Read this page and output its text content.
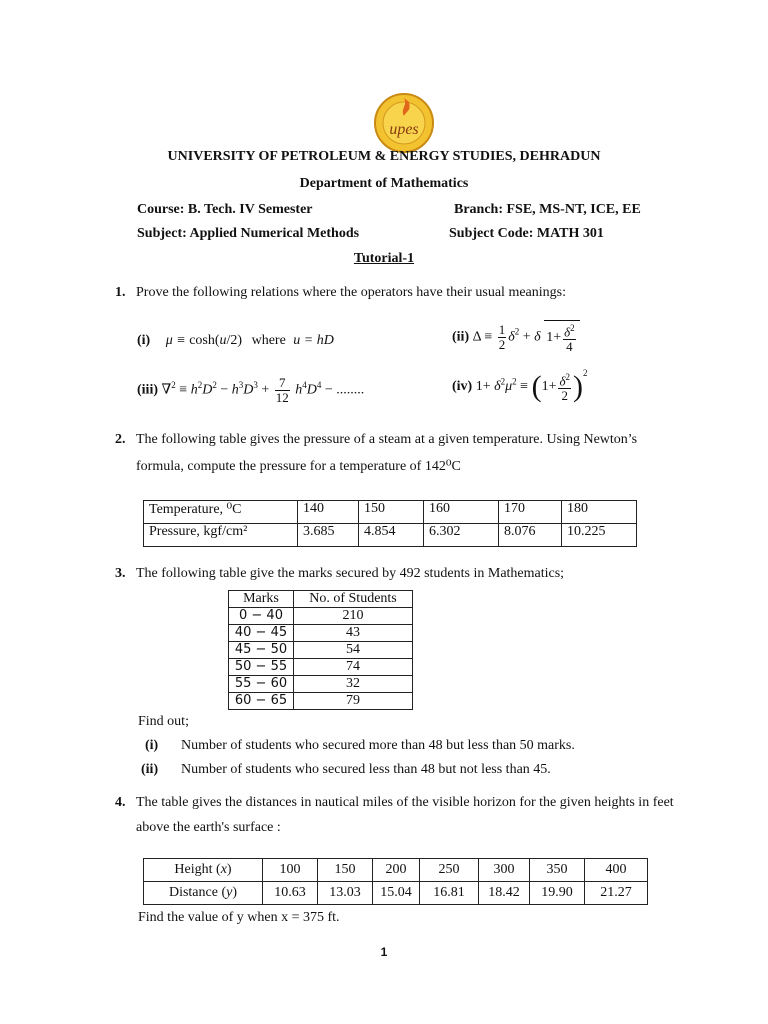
upes
UNIVERSITY OF PETROLEUM & ENERGY STUDIES, DEHRADUN
Department of Mathematics
Course: B. Tech. IV Semester	Branch: FSE, MS-NT, ICE, EE
Subject: Applied Numerical Methods	Subject Code: MATH 301
Tutorial-1
1. Prove the following relations where the operators have their usual meanings:
(i) μ ≡ cosh(u/2) where u = hD	(ii) $\Delta \equiv \frac{1}{2} \delta^2 + \delta$ $1+ \frac{\delta^2}{4}$
(iii) $\nabla^2 \equiv h^2D^2 - h^3D^3 + \frac{7}{12} h^4D^4$ − ........	(iv) $1+ \delta^2\mu^2 \equiv (1+ \frac{\delta^2}{2} )^2$
2. The following table gives the pressure of a steam at a given temperature. Using Newton’s
formula, compute the pressure for a temperature of 142⁰C
Temperature, ⁰C	140	150	160	170	180
Pressure, kgf/cm²	3.685	4.854	6.302	8.076	10.225
3. The following table give the marks secured by 492 students in Mathematics;
Marks	No. of Students
0 − 40	210
40 − 45	43
45 − 50	54
50 − 55	74
55 − 60	32
60 − 65	79
Find out;
(i) Number of students who secured more than 48 but less than 50 marks.
(ii) Number of students who secured less than 48 but not less than 45.
4. The table gives the distances in nautical miles of the visible horizon for the given heights in feet
above the earth's surface :
Height (x)	100	150	200	250	300	350	400
Distance (y)	10.63	13.03	15.04	16.81	18.42	19.90	21.27
Find the value of y when x = 375 ft.
1
